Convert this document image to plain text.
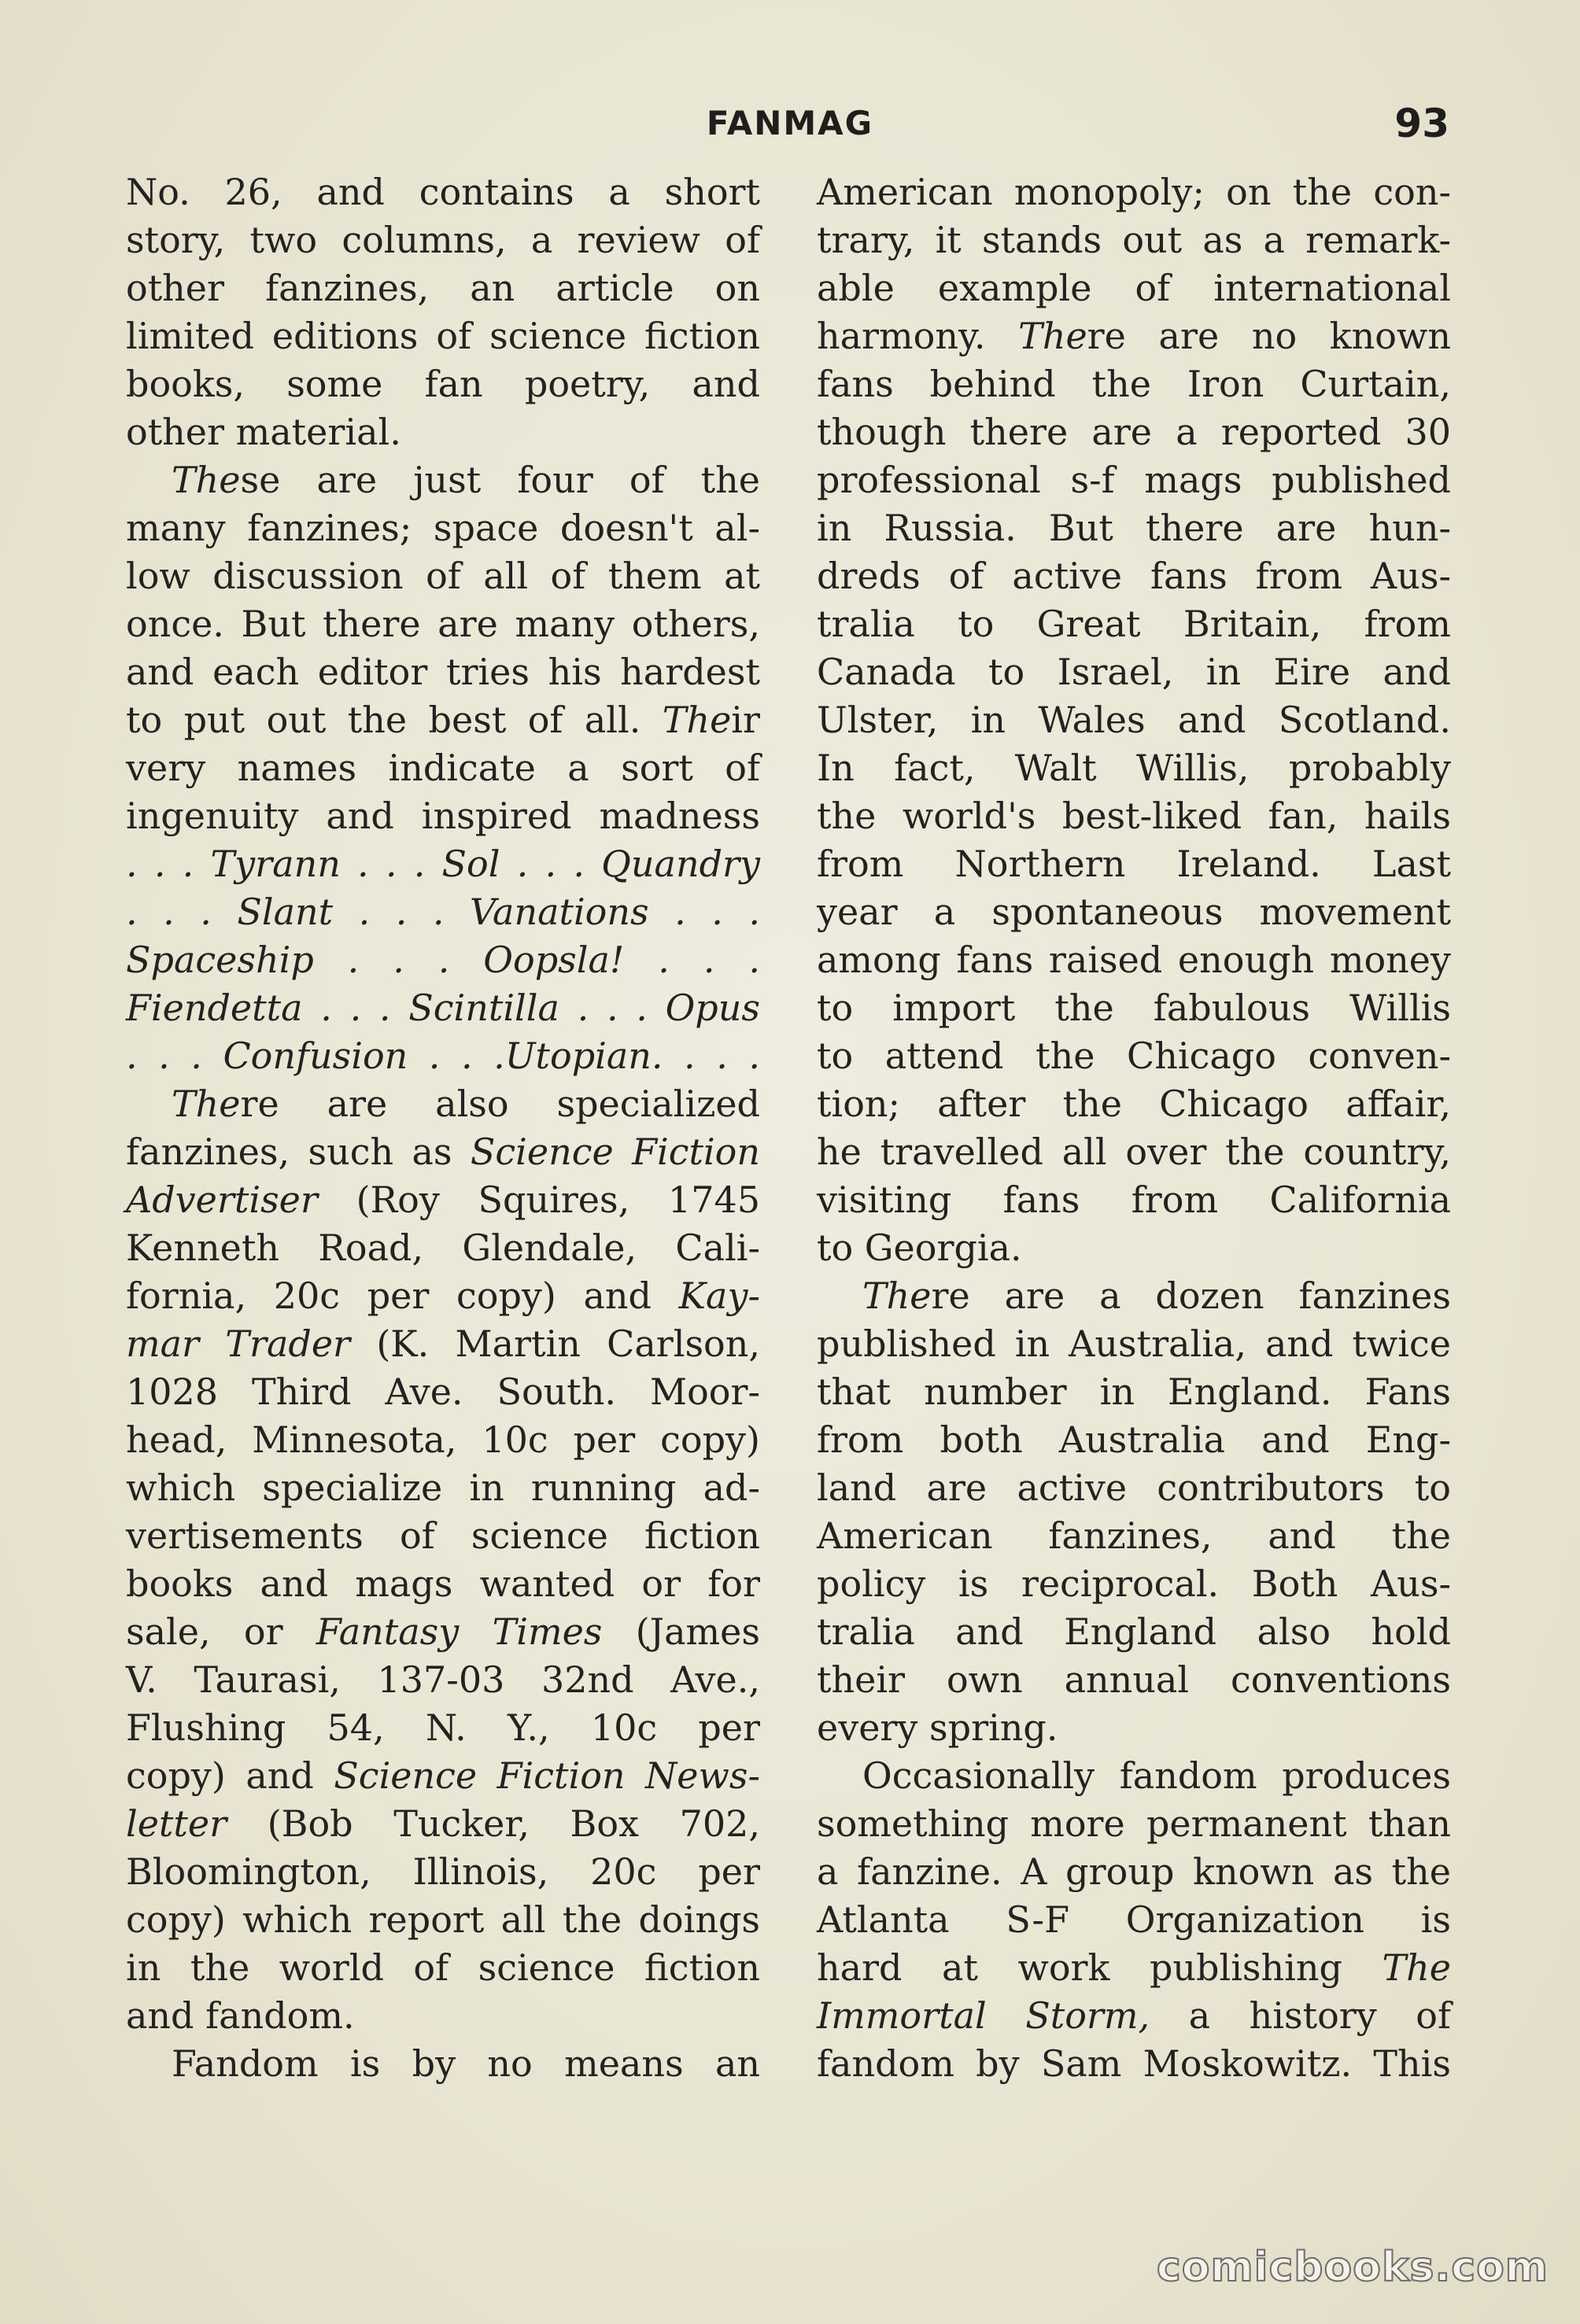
FANMAG	93
No. 26, and contains a short
story, two columns, a review of
other fanzines, an article on
limited editions of science fiction
books, some fan poetry, and
other material.
These are just four of the
many fanzines; space doesn't al-
low discussion of all of them at
once. But there are many others,
and each editor tries his hardest
to put out the best of all. Their
very names indicate a sort of
ingenuity and inspired madness
. . . Tyrann . . . Sol . . . Quandry
. . . Slant . . . Vanations . . .
Spaceship . . . Oopsla! . . .
Fiendetta . . . Scintilla . . . Opus
. . . Confusion . . .Utopian. . . .
There are also specialized
fanzines, such as Science Fiction
Advertiser (Roy Squires, 1745
Kenneth Road, Glendale, Cali-
fornia, 20c per copy) and Kay-
mar Trader (K. Martin Carlson,
1028 Third Ave. South. Moor-
head, Minnesota, 10c per copy)
which specialize in running ad-
vertisements of science fiction
books and mags wanted or for
sale, or Fantasy Times (James
V. Taurasi, 137-03 32nd Ave.,
Flushing 54, N. Y., 10c per
copy) and Science Fiction News-
letter (Bob Tucker, Box 702,
Bloomington, Illinois, 20c per
copy) which report all the doings
in the world of science fiction
and fandom.
Fandom is by no means an
American monopoly; on the con-
trary, it stands out as a remark-
able example of international
harmony. There are no known
fans behind the Iron Curtain,
though there are a reported 30
professional s-f mags published
in Russia. But there are hun-
dreds of active fans from Aus-
tralia to Great Britain, from
Canada to Israel, in Eire and
Ulster, in Wales and Scotland.
In fact, Walt Willis, probably
the world's best-liked fan, hails
from Northern Ireland. Last
year a spontaneous movement
among fans raised enough money
to import the fabulous Willis
to attend the Chicago conven-
tion; after the Chicago affair,
he travelled all over the country,
visiting fans from California
to Georgia.
There are a dozen fanzines
published in Australia, and twice
that number in England. Fans
from both Australia and Eng-
land are active contributors to
American fanzines, and the
policy is reciprocal. Both Aus-
tralia and England also hold
their own annual conventions
every spring.
Occasionally fandom produces
something more permanent than
a fanzine. A group known as the
Atlanta S-F Organization is
hard at work publishing The
Immortal Storm, a history of
fandom by Sam Moskowitz. This
comicbooks.com
